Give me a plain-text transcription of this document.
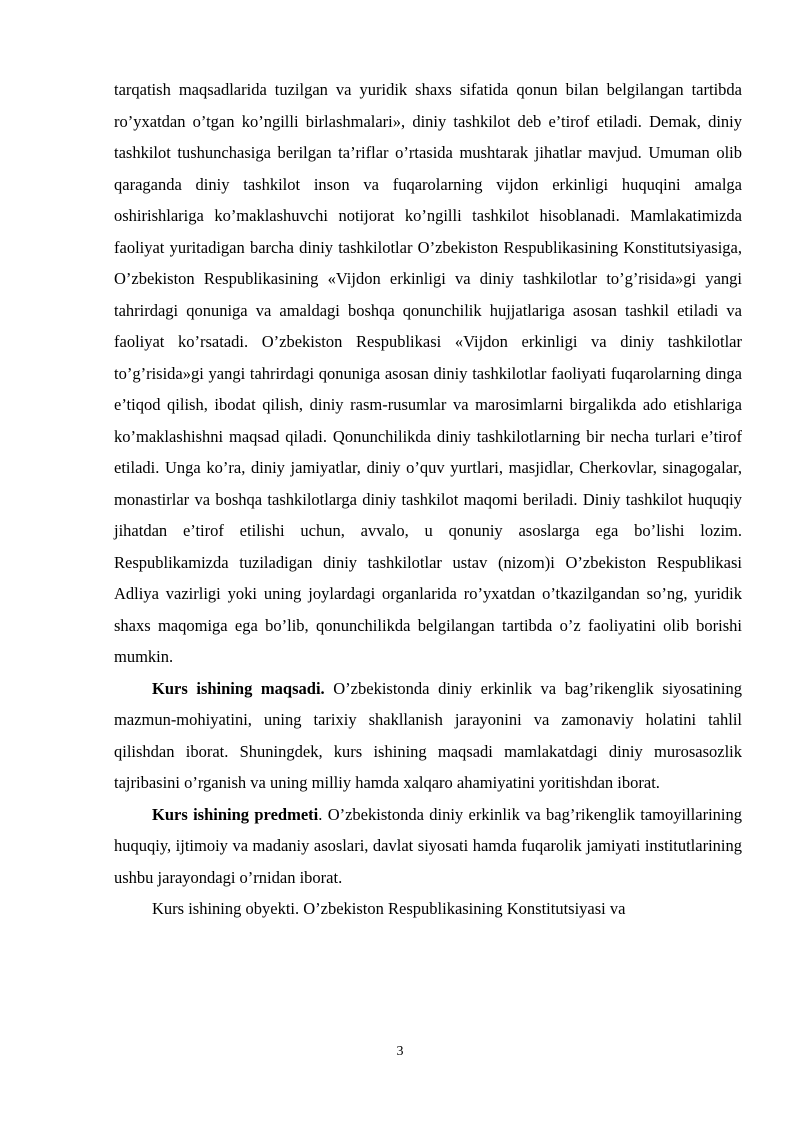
tarqatish maqsadlarida tuzilgan va yuridik shaxs sifatida qonun bilan belgilangan tartibda ro’yxatdan o’tgan ko’ngilli birlashmalari», diniy tashkilot deb e’tirof etiladi. Demak, diniy tashkilot tushunchasiga berilgan ta’riflar o’rtasida mushtarak jihatlar mavjud. Umuman olib qaraganda diniy tashkilot inson va fuqarolarning vijdon erkinligi huquqini amalga oshirishlariga ko’maklashuvchi notijorat ko’ngilli tashkilot hisoblanadi. Mamlakatimizda faoliyat yuritadigan barcha diniy tashkilotlar O’zbekiston Respublikasining Konstitutsiyasiga, O’zbekiston Respublikasining «Vijdon erkinligi va diniy tashkilotlar to’g’risida»gi yangi tahrirdagi qonuniga va amaldagi boshqa qonunchilik hujjatlariga asosan tashkil etiladi va faoliyat ko’rsatadi. O’zbekiston Respublikasi «Vijdon erkinligi va diniy tashkilotlar to’g’risida»gi yangi tahrirdagi qonuniga asosan diniy tashkilotlar faoliyati fuqarolarning dinga e’tiqod qilish, ibodat qilish, diniy rasm-rusumlar va marosimlarni birgalikda ado etishlariga ko’maklashishni maqsad qiladi. Qonunchilikda diniy tashkilotlarning bir necha turlari e’tirof etiladi. Unga ko’ra, diniy jamiyatlar, diniy o’quv yurtlari, masjidlar, Cherkovlar, sinagogalar, monastirlar va boshqa tashkilotlarga diniy tashkilot maqomi beriladi. Diniy tashkilot huquqiy jihatdan e’tirof etilishi uchun, avvalo, u qonuniy asoslarga ega bo’lishi lozim. Respublikamizda tuziladigan diniy tashkilotlar ustav (nizom)i O’zbekiston Respublikasi Adliya vazirligi yoki uning joylardagi organlarida ro’yxatdan o’tkazilgandan so’ng, yuridik shaxs maqomiga ega bo’lib, qonunchilikda belgilangan tartibda o’z faoliyatini olib borishi mumkin.

Kurs ishining maqsadi. O’zbekistonda diniy erkinlik va bag’rikenglik siyosatining mazmun-mohiyatini, uning tarixiy shakllanish jarayonini va zamonaviy holatini tahlil qilishdan iborat. Shuningdek, kurs ishining maqsadi mamlakatdagi diniy murosasozlik tajribasini o’rganish va uning milliy hamda xalqaro ahamiyatini yoritishdan iborat.

Kurs ishining predmeti. O’zbekistonda diniy erkinlik va bag’rikenglik tamoyillarining huquqiy, ijtimoiy va madaniy asoslari, davlat siyosati hamda fuqarolik jamiyati institutlarining ushbu jarayondagi o’rnidan iborat.

Kurs ishining obyekti. O’zbekiston Respublikasining Konstitutsiyasi va

3
